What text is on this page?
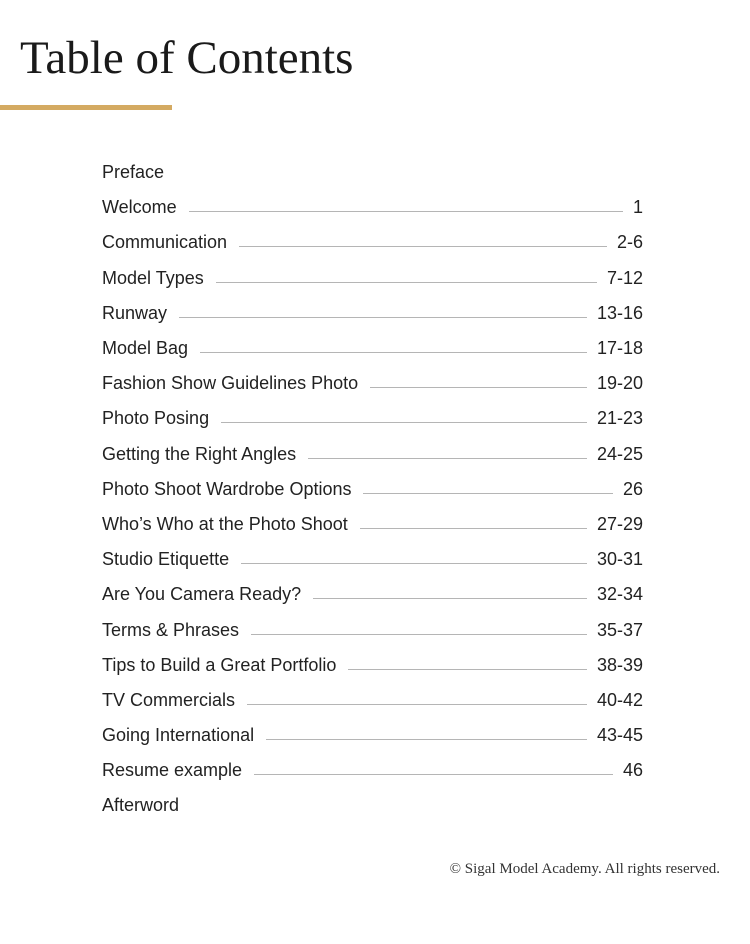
Table of Contents
Preface
Welcome	1
Communication	2-6
Model Types	7-12
Runway	13-16
Model Bag	17-18
Fashion Show Guidelines Photo	19-20
Photo Posing	21-23
Getting the Right Angles	24-25
Photo Shoot Wardrobe Options	26
Who’s Who at the Photo Shoot	27-29
Studio Etiquette	30-31
Are You Camera Ready?	32-34
Terms & Phrases	35-37
Tips to Build a Great Portfolio	38-39
TV Commercials	40-42
Going International	43-45
Resume example	46
Afterword
© Sigal Model Academy. All rights reserved.
